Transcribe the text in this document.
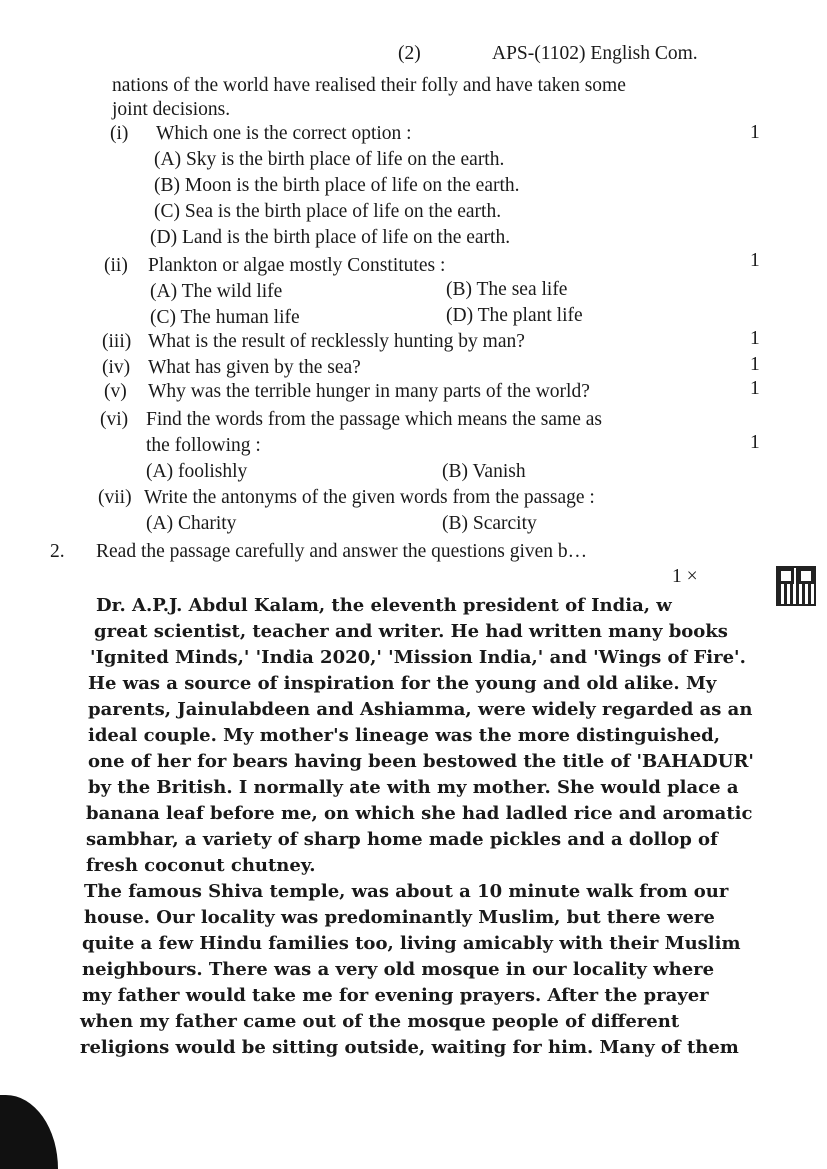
(2)	APS-(1102) English Com.
nations of the world have realised their folly and have taken some
joint decisions.
(i) Which one is the correct option :	1
(A) Sky is the birth place of life on the earth.
(B) Moon is the birth place of life on the earth.
(C) Sea is the birth place of life on the earth.
(D) Land is the birth place of life on the earth.
(ii) Plankton or algae mostly Constitutes :	1
(A) The wild life	(B) The sea life
(C) The human life	(D) The plant life
(iii) What is the result of recklessly hunting by man?	1
(iv) What has given by the sea?	1
(v) Why was the terrible hunger in many parts of the world?	1
(vi) Find the words from the passage which means the same as
the following :	1
(A) foolishly	(B) Vanish
(vii) Write the antonyms of the given words from the passage :
(A) Charity	(B) Scarcity
2. Read the passage carefully and answer the questions given b…
1 ×
Dr. A.P.J. Abdul Kalam, the eleventh president of India, w
great scientist, teacher and writer. He had written many books
'Ignited Minds,' 'India 2020,' 'Mission India,' and 'Wings of Fire'.
He was a source of inspiration for the young and old alike. My
parents, Jainulabdeen and Ashiamma, were widely regarded as an
ideal couple. My mother's lineage was the more distinguished,
one of her for bears having been bestowed the title of 'BAHADUR'
by the British. I normally ate with my mother. She would place a
banana leaf before me, on which she had ladled rice and aromatic
sambhar, a variety of sharp home made pickles and a dollop of
fresh coconut chutney.
The famous Shiva temple, was about a 10 minute walk from our
house. Our locality was predominantly Muslim, but there were
quite a few Hindu families too, living amicably with their Muslim
neighbours. There was a very old mosque in our locality where
my father would take me for evening prayers. After the prayer
when my father came out of the mosque people of different
religions would be sitting outside, waiting for him. Many of them
